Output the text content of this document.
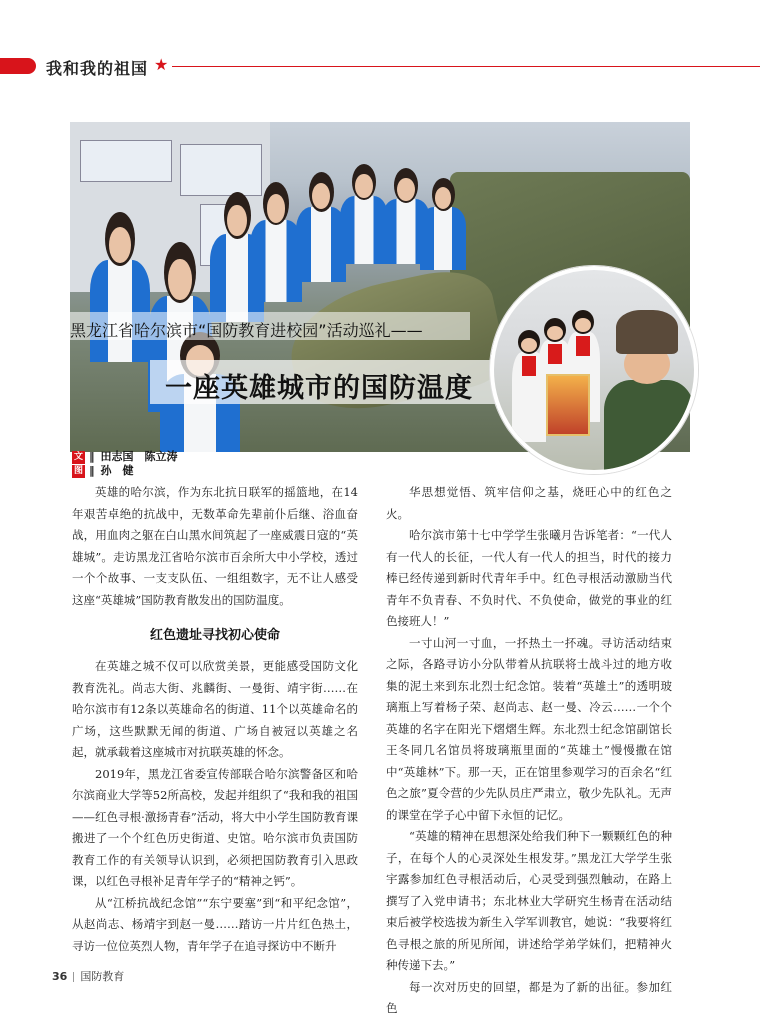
我和我的祖国 ★
黑龙江省哈尔滨市“国防教育进校园”活动巡礼——
一座英雄城市的国防温度
文 ‖ 田志国　陈立涛
图 ‖ 孙　健

英雄的哈尔滨，作为东北抗日联军的摇篮地，在14年艰苦卓绝的抗战中，无数革命先辈前仆后继、浴血奋战，用血肉之躯在白山黑水间筑起了一座威震日寇的“英雄城”。走访黑龙江省哈尔滨市百余所大中小学校，透过一个个故事、一支支队伍、一组组数字，无不让人感受这座“英雄城”国防教育散发出的国防温度。

红色遗址寻找初心使命

在英雄之城不仅可以欣赏美景，更能感受国防文化教育洗礼。尚志大街、兆麟街、一曼街、靖宇街……在哈尔滨市有12条以英雄命名的街道、11个以英雄命名的广场，这些默默无闻的街道、广场自被冠以英雄之名起，就承载着这座城市对抗联英雄的怀念。

2019年，黑龙江省委宣传部联合哈尔滨警备区和哈尔滨商业大学等52所高校，发起并组织了“我和我的祖国——红色寻根·激扬青春”活动，将大中小学生国防教育课搬进了一个个红色历史街道、史馆。哈尔滨市负责国防教育工作的有关领导认识到，必须把国防教育引入思政课，以红色寻根补足青年学子的“精神之钙”。

从“江桥抗战纪念馆”“东宁要塞”到“和平纪念馆”，从赵尚志、杨靖宇到赵一曼……踏访一片片红色热土，寻访一位位英烈人物，青年学子在追寻探访中不断升

华思想觉悟、筑牢信仰之基，烧旺心中的红色之火。

哈尔滨市第十七中学学生张曦月告诉笔者：“一代人有一代人的长征，一代人有一代人的担当，时代的接力棒已经传递到新时代青年手中。红色寻根活动激励当代青年不负青春、不负时代、不负使命，做党的事业的红色接班人！”

一寸山河一寸血，一抔热土一抔魂。寻访活动结束之际，各路寻访小分队带着从抗联将士战斗过的地方收集的泥土来到东北烈士纪念馆。装着“英雄土”的透明玻璃瓶上写着杨子荣、赵尚志、赵一曼、冷云……一个个英雄的名字在阳光下熠熠生辉。东北烈士纪念馆副馆长王冬同几名馆员将玻璃瓶里面的“英雄土”慢慢撒在馆中“英雄林”下。那一天，正在馆里参观学习的百余名“红色之旅”夏令营的少先队员庄严肃立，敬少先队礼。无声的课堂在学子心中留下永恒的记忆。

“英雄的精神在思想深处给我们种下一颗颗红色的种子，在每个人的心灵深处生根发芽。”黑龙江大学学生张宇露参加红色寻根活动后，心灵受到强烈触动，在路上撰写了入党申请书；东北林业大学研究生杨青在活动结束后被学校选拔为新生入学军训教官，她说：“我要将红色寻根之旅的所见所闻，讲述给学弟学妹们，把精神火种传递下去。”

每一次对历史的回望，都是为了新的出征。参加红色

36 国防教育
